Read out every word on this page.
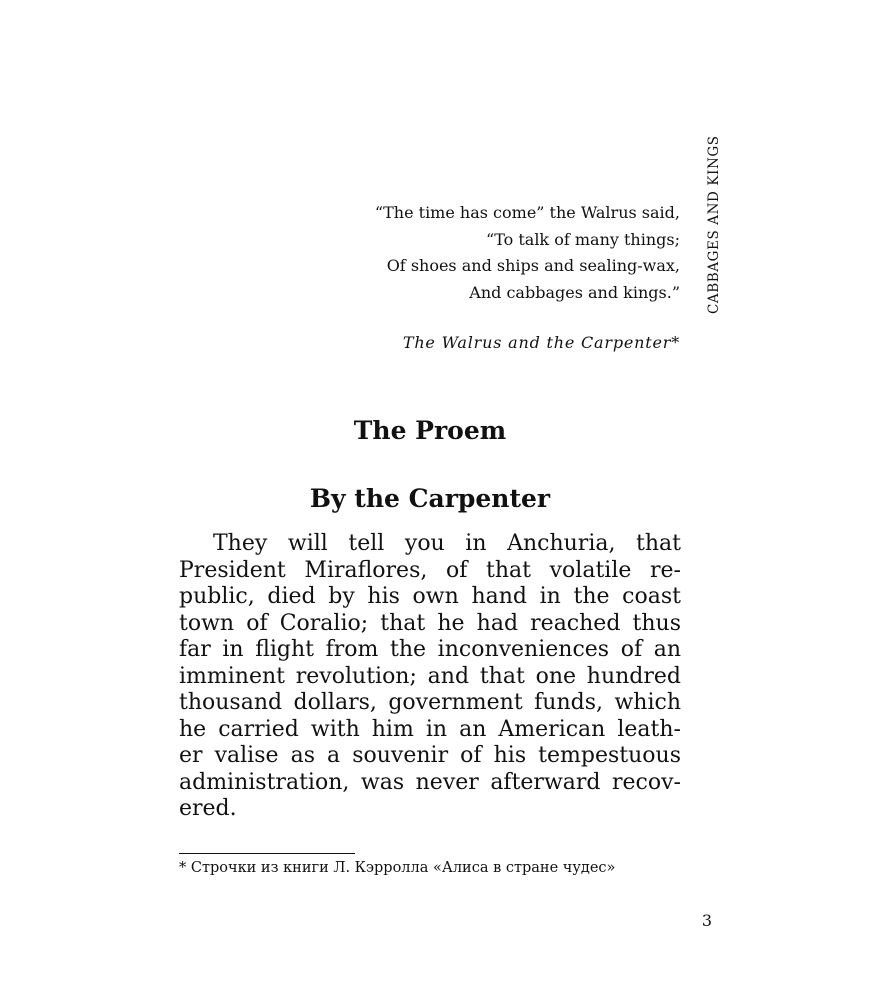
CABBAGES AND KINGS
“The time has come” the Walrus said,
“To talk of many things;
Of shoes and ships and sealing-wax,
And cabbages and kings.”
The Walrus and the Carpenter*
The Proem
By the Carpenter
They will tell you in Anchuria, that
President Miraflores, of that volatile re-
public, died by his own hand in the coast
town of Coralio; that he had reached thus
far in flight from the inconveniences of an
imminent revolution; and that one hundred
thousand dollars, government funds, which
he carried with him in an American leath-
er valise as a souvenir of his tempestuous
administration, was never afterward recov-
ered.
* Строчки из книги Л. Кэрролла «Алиса в стране чудес»
3
